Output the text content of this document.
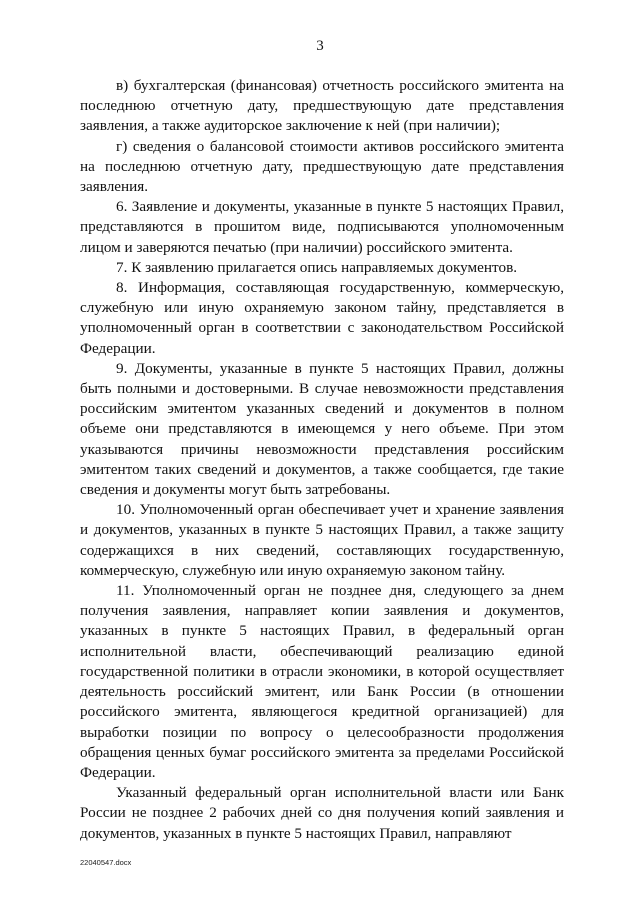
3

в) бухгалтерская (финансовая) отчетность российского эмитента на последнюю отчетную дату, предшествующую дате представления заявления, а также аудиторское заключение к ней (при наличии);

г) сведения о балансовой стоимости активов российского эмитента на последнюю отчетную дату, предшествующую дате представления заявления.

6. Заявление и документы, указанные в пункте 5 настоящих Правил, представляются в прошитом виде, подписываются уполномоченным лицом и заверяются печатью (при наличии) российского эмитента.

7. К заявлению прилагается опись направляемых документов.

8. Информация, составляющая государственную, коммерческую, служебную или иную охраняемую законом тайну, представляется в уполномоченный орган в соответствии с законодательством Российской Федерации.

9. Документы, указанные в пункте 5 настоящих Правил, должны быть полными и достоверными. В случае невозможности представления российским эмитентом указанных сведений и документов в полном объеме они представляются в имеющемся у него объеме. При этом указываются причины невозможности представления российским эмитентом таких сведений и документов, а также сообщается, где такие сведения и документы могут быть затребованы.

10. Уполномоченный орган обеспечивает учет и хранение заявления и документов, указанных в пункте 5 настоящих Правил, а также защиту содержащихся в них сведений, составляющих государственную, коммерческую, служебную или иную охраняемую законом тайну.

11. Уполномоченный орган не позднее дня, следующего за днем получения заявления, направляет копии заявления и документов, указанных в пункте 5 настоящих Правил, в федеральный орган исполнительной власти, обеспечивающий реализацию единой государственной политики в отрасли экономики, в которой осуществляет деятельность российский эмитент, или Банк России (в отношении российского эмитента, являющегося кредитной организацией) для выработки позиции по вопросу о целесообразности продолжения обращения ценных бумаг российского эмитента за пределами Российской Федерации.

Указанный федеральный орган исполнительной власти или Банк России не позднее 2 рабочих дней со дня получения копий заявления и документов, указанных в пункте 5 настоящих Правил, направляют

22040547.docx
